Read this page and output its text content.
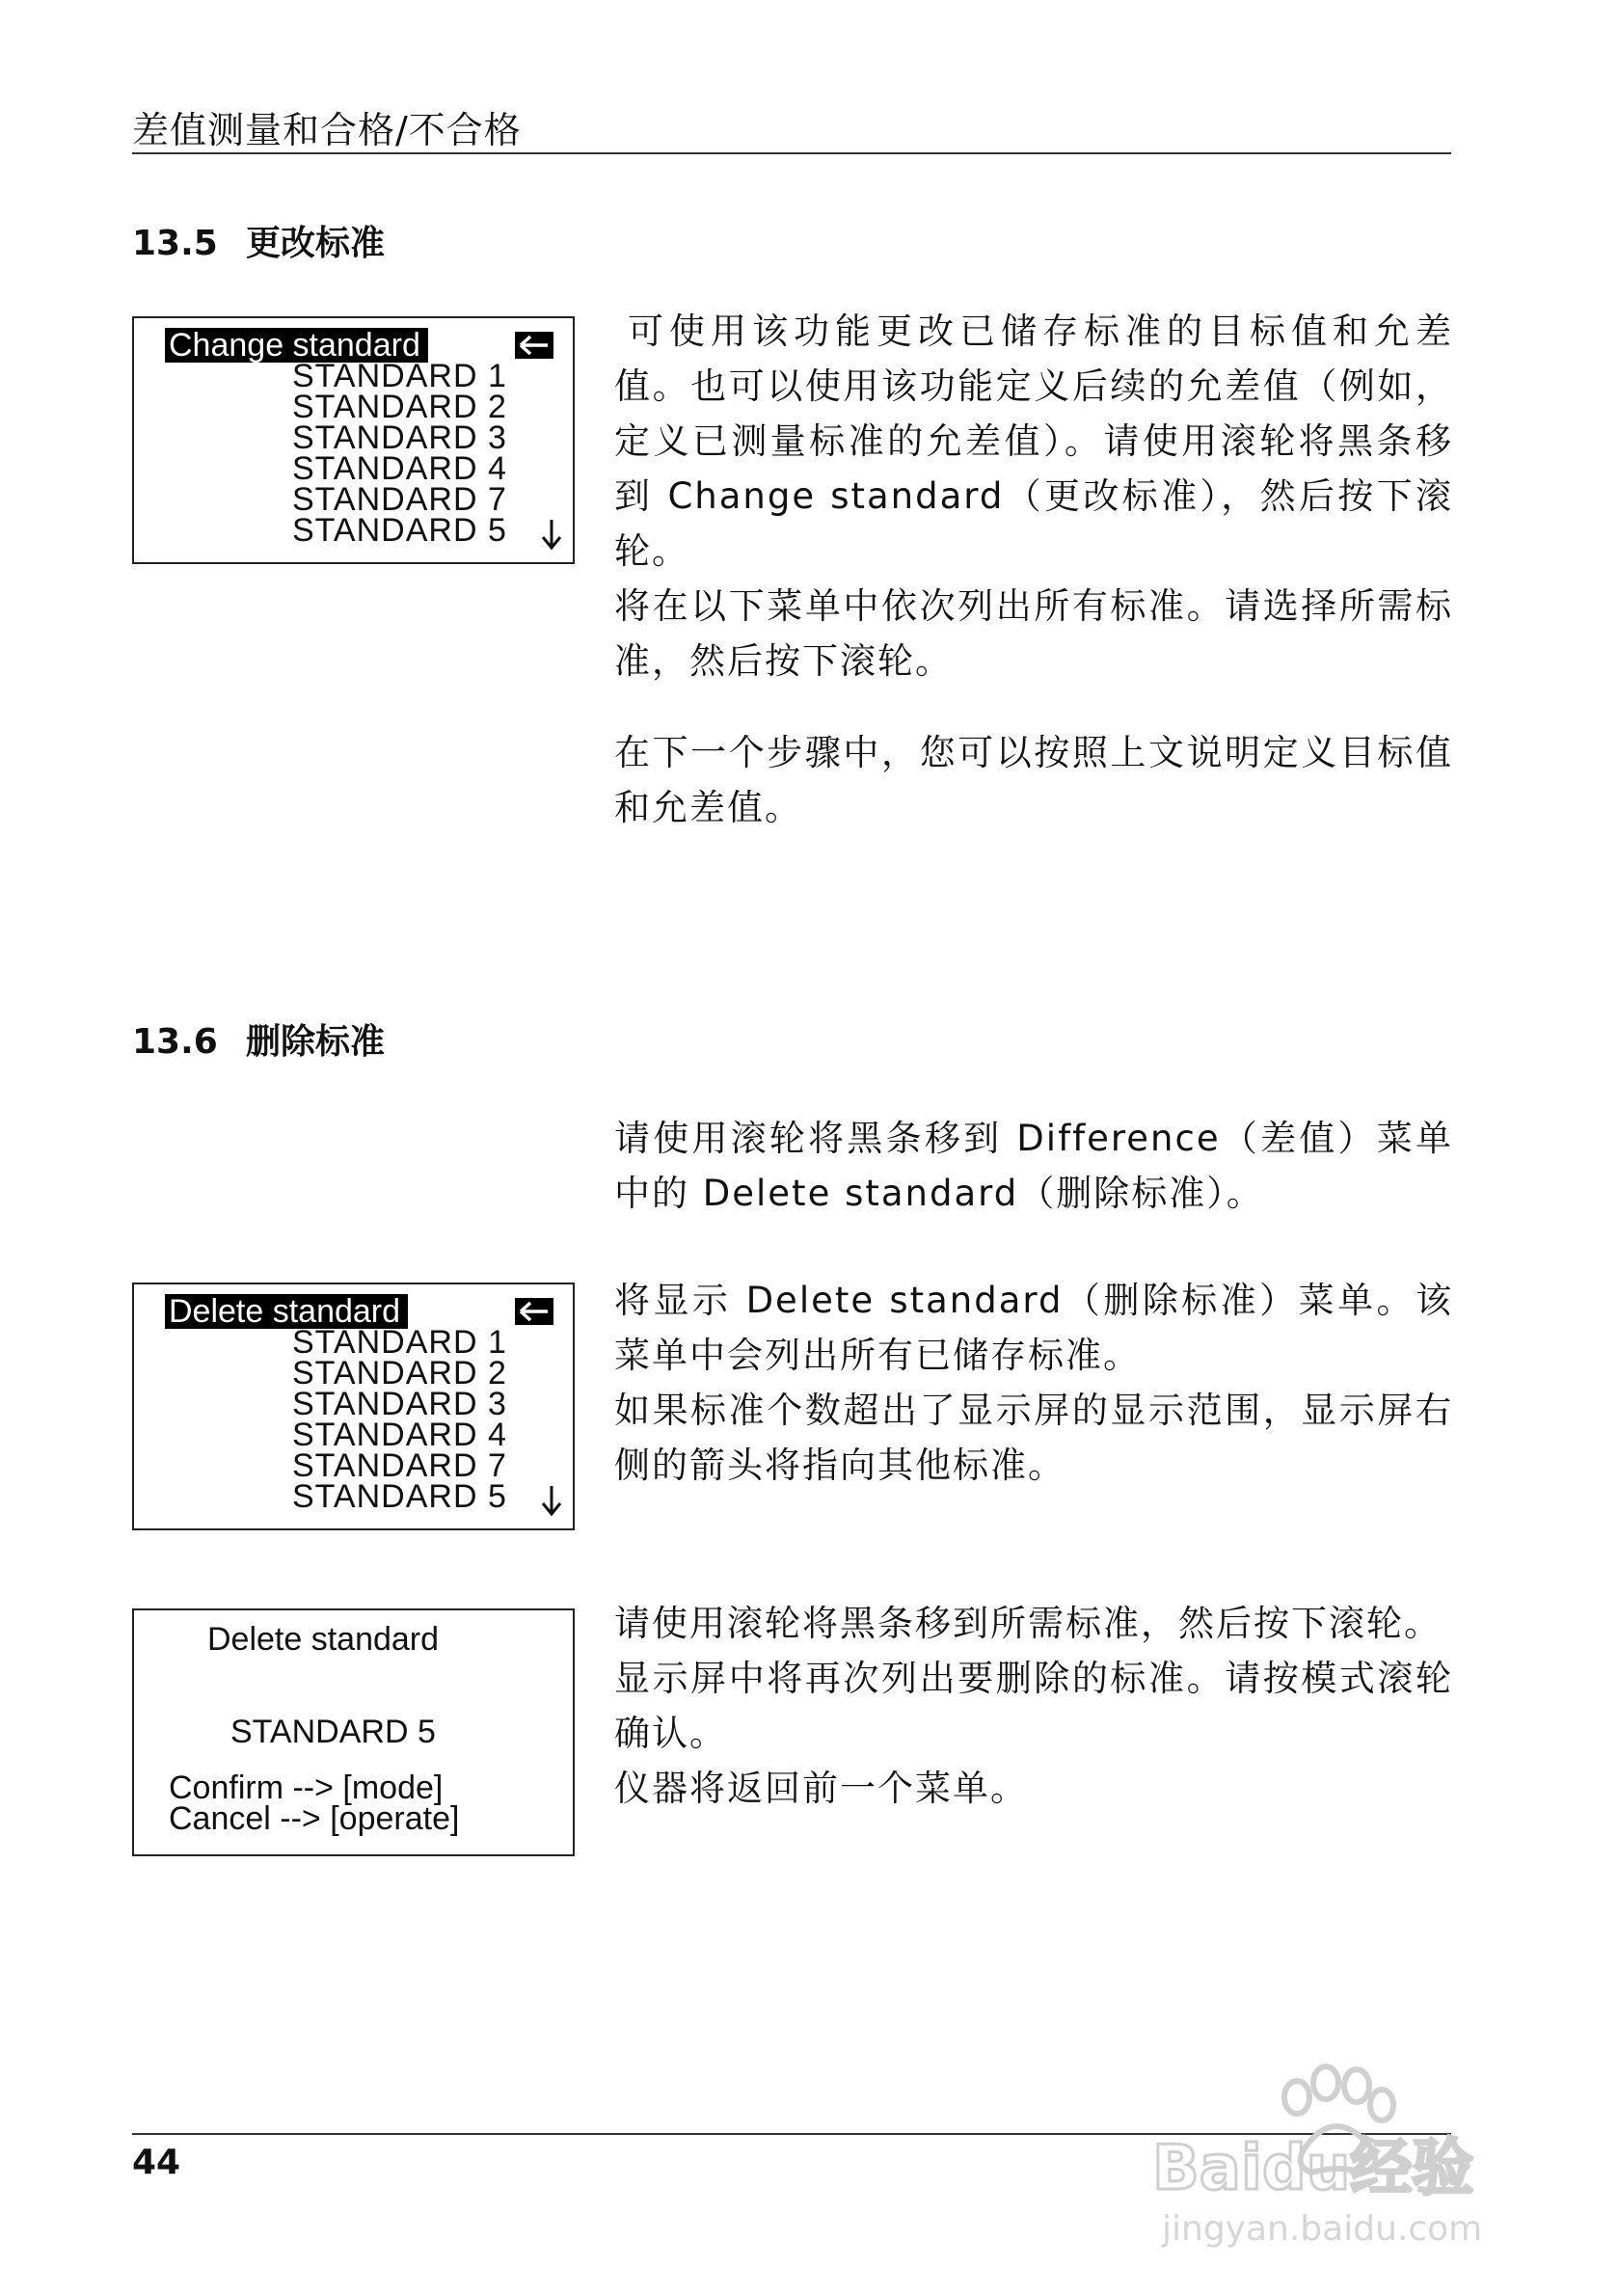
差值测量和合格/不合格
13.5 更改标准
Change standard
STANDARD 1
STANDARD 2
STANDARD 3
STANDARD 4
STANDARD 7
STANDARD 5

可使用该功能更改已储存标准的目标值和允差值。也可以使用该功能定义后续的允差值（例如，定义已测量标准的允差值）。请使用滚轮将黑条移到 Change standard（更改标准），然后按下滚轮。

将在以下菜单中依次列出所有标准。请选择所需标准，然后按下滚轮。

在下一个步骤中，您可以按照上文说明定义目标值和允差值。

13.6 删除标准

请使用滚轮将黑条移到 Difference（差值）菜单中的 Delete standard（删除标准）。

Delete standard
STANDARD 1
STANDARD 2
STANDARD 3
STANDARD 4
STANDARD 7
STANDARD 5

将显示 Delete standard（删除标准）菜单。该菜单中会列出所有已储存标准。

如果标准个数超出了显示屏的显示范围，显示屏右侧的箭头将指向其他标准。

Delete standard
STANDARD 5
Confirm --> [mode]
Cancel --> [operate]

请使用滚轮将黑条移到所需标准，然后按下滚轮。

显示屏中将再次列出要删除的标准。请按模式滚轮确认。

仪器将返回前一个菜单。

44	Baidu经验
jingyan.baidu.com
